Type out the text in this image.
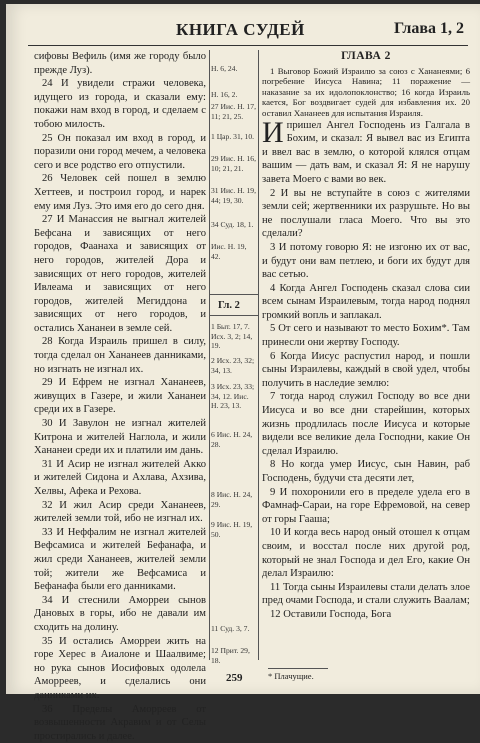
КНИГА СУДЕЙ	Глава 1, 2

сифовы Вефиль (имя же городу было прежде Луз).

24 И увидели стражи человека, идущего из города, и сказали ему: покажи нам вход в город, и сделаем с тобою милость.

25 Он показал им вход в город, и поразили они город мечем, а человека сего и все родство его отпустили.

26 Человек сей пошел в землю Хеттеев, и построил город, и нарек ему имя Луз. Это имя его до сего дня.

27 И Манассия не выгнал жителей Бефсана и зависящих от него городов, Фаанаха и зависящих от него городов, жителей Дора и зависящих от него городов, жителей Ивлеама и зависящих от него городов, жителей Мегиддона и зависящих от него городов, и остались Хананеи в земле сей.

28 Когда Израиль пришел в силу, тогда сделал он Хананеев данниками, но изгнать не изгнал их.

29 И Ефрем не изгнал Хананеев, живущих в Газере, и жили Хананеи среди их в Газере.

30 И Завулон не изгнал жителей Китрона и жителей Наглола, и жили Хананеи среди их и платили им дань.

31 И Асир не изгнал жителей Акко и жителей Сидона и Ахлава, Ахзива, Хелвы, Афека и Рехова.

32 И жил Асир среди Хананеев, жителей земли той, ибо не изгнал их.

33 И Неффалим не изгнал жителей Вефсамиса и жителей Бефанафа, и жил среди Хананеев, жителей земли той; жители же Вефсамиса и Бефанафа были его данниками.

34 И стеснили Аморреи сынов Дановых в горы, ибо не давали им сходить на долину.

35 И остались Аморреи жить на горе Херес в Аиалоне и Шаалвиме; но рука сынов Иосифовых одолела Аморреев, и сделались они данниками их.

36 Пределы Аморреев от возвышенности Акравим и от Селы простирались и далее.

Гл. 2
Н. 6, 24.
Н. 16, 2.
27 Иис. Н. 17, 11; 21, 25.
1 Цар. 31, 10.
29 Иис. Н. 16, 10; 21, 21.
31 Иис. Н. 19, 44; 19, 30.
34 Суд. 18, 1.
Иис. Н. 19, 42.
1 Быт. 17, 7. Исх. 3, 2; 14, 19.
2 Исх. 23, 32; 34, 13.
3 Исх. 23, 33; 34, 12. Иис. Н. 23, 13.
6 Иис. Н. 24, 28.
8 Иис. Н. 24, 29.
9 Иис. Н. 19, 50.
11 Суд. 3, 7.
12 Прит. 29, 18.
ГЛАВА 2

1 Выговор Божий Израилю за союз с Хананеями; 6 погребение Иисуса Навина; 11 поражение — наказание за их идолопоклонство; 16 когда Израиль кается, Бог воздвигает судей для избавления их. 20 оставил Хананеев для испытания Израиля.

И пришел Ангел Господень из Галгала в Бохим, и сказал: Я вывел вас из Египта и ввел вас в землю, о которой клялся отцам вашим — дать вам, и сказал Я: Я не нарушу завета Моего с вами во век.

2 И вы не вступайте в союз с жителями земли сей; жертвенники их разрушьте. Но вы не послушали гласа Моего. Что вы это сделали?

3 И потому говорю Я: не изгоню их от вас, и будут они вам петлею, и боги их будут для вас сетью.

4 Когда Ангел Господень сказал слова сии всем сынам Израилевым, тогда народ поднял громкий вопль и заплакал.

5 От сего и называют то место Бохим*. Там принесли они жертву Господу.

6 Когда Иисус распустил народ, и пошли сыны Израилевы, каждый в свой удел, чтобы получить в наследие землю:

7 тогда народ служил Господу во все дни Иисуса и во все дни старейшин, которых жизнь продлилась после Иисуса и которые видели все великие дела Господни, какие Он сделал Израилю.

8 Но когда умер Иисус, сын Навин, раб Господень, будучи ста десяти лет,

9 И похоронили его в пределе удела его в Фамнаф-Сараи, на горе Ефремовой, на север от горы Гааша;

10 И когда весь народ оный отошел к отцам своим, и восстал после них другой род, который не знал Господа и дел Его, какие Он делал Израилю:

11 Тогда сыны Израилевы стали делать злое пред очами Господа, и стали служить Ваалам;

12 Оставили Господа, Бога

* Плачущие.
259
